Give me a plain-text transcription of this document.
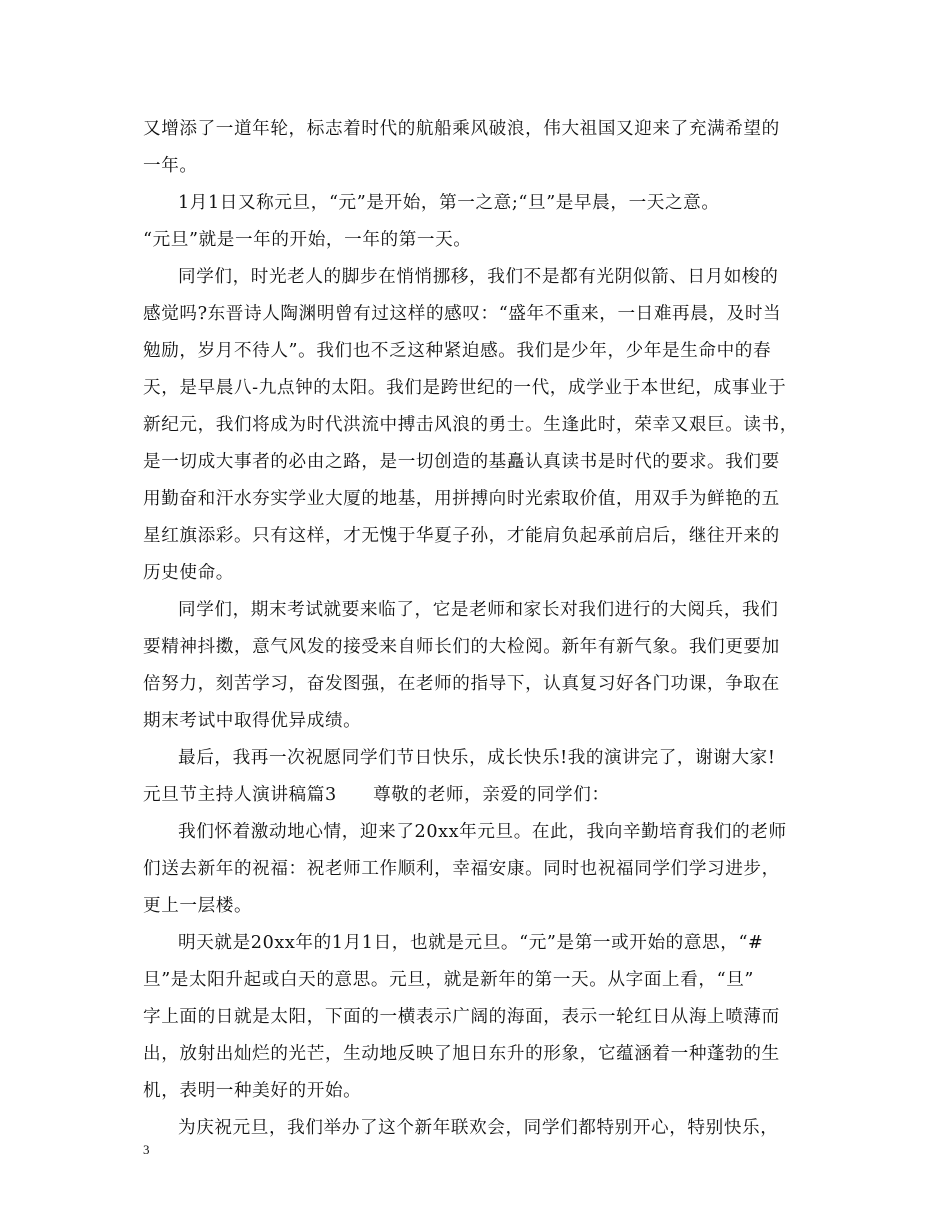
又增添了一道年轮，标志着时代的航船乘风破浪，伟大祖国又迎来了充满希望的
一年。
1月1日又称元旦，“元”是开始，第一之意;“旦”是早晨，一天之意。
“元旦”就是一年的开始，一年的第一天。
同学们，时光老人的脚步在悄悄挪移，我们不是都有光阴似箭、日月如梭的
感觉吗?东晋诗人陶渊明曾有过这样的感叹：“盛年不重来，一日难再晨，及时当
勉励，岁月不待人”。我们也不乏这种紧迫感。我们是少年，少年是生命中的春
天，是早晨八-九点钟的太阳。我们是跨世纪的一代，成学业于本世纪，成事业于
新纪元，我们将成为时代洪流中搏击风浪的勇士。生逢此时，荣幸又艰巨。读书，
是一切成大事者的必由之路，是一切创造的基矗认真读书是时代的要求。我们要
用勤奋和汗水夯实学业大厦的地基，用拼搏向时光索取价值，用双手为鲜艳的五
星红旗添彩。只有这样，才无愧于华夏子孙，才能肩负起承前启后，继往开来的
历史使命。
同学们，期末考试就要来临了，它是老师和家长对我们进行的大阅兵，我们
要精神抖擞，意气风发的接受来自师长们的大检阅。新年有新气象。我们更要加
倍努力，刻苦学习，奋发图强，在老师的指导下，认真复习好各门功课，争取在
期末考试中取得优异成绩。
最后，我再一次祝愿同学们节日快乐，成长快乐!我的演讲完了，谢谢大家!
元旦节主持人演讲稿篇3　　尊敬的老师，亲爱的同学们：
我们怀着激动地心情，迎来了20xx年元旦。在此，我向辛勤培育我们的老师
们送去新年的祝福：祝老师工作顺利，幸福安康。同时也祝福同学们学习进步，
更上一层楼。
明天就是20xx年的1月1日，也就是元旦。“元”是第一或开始的意思，“#
旦”是太阳升起或白天的意思。元旦，就是新年的第一天。从字面上看，“旦”
字上面的日就是太阳，下面的一横表示广阔的海面，表示一轮红日从海上喷薄而
出，放射出灿烂的光芒，生动地反映了旭日东升的形象，它蕴涵着一种蓬勃的生
机，表明一种美好的开始。
为庆祝元旦，我们举办了这个新年联欢会，同学们都特别开心，特别快乐，
3
